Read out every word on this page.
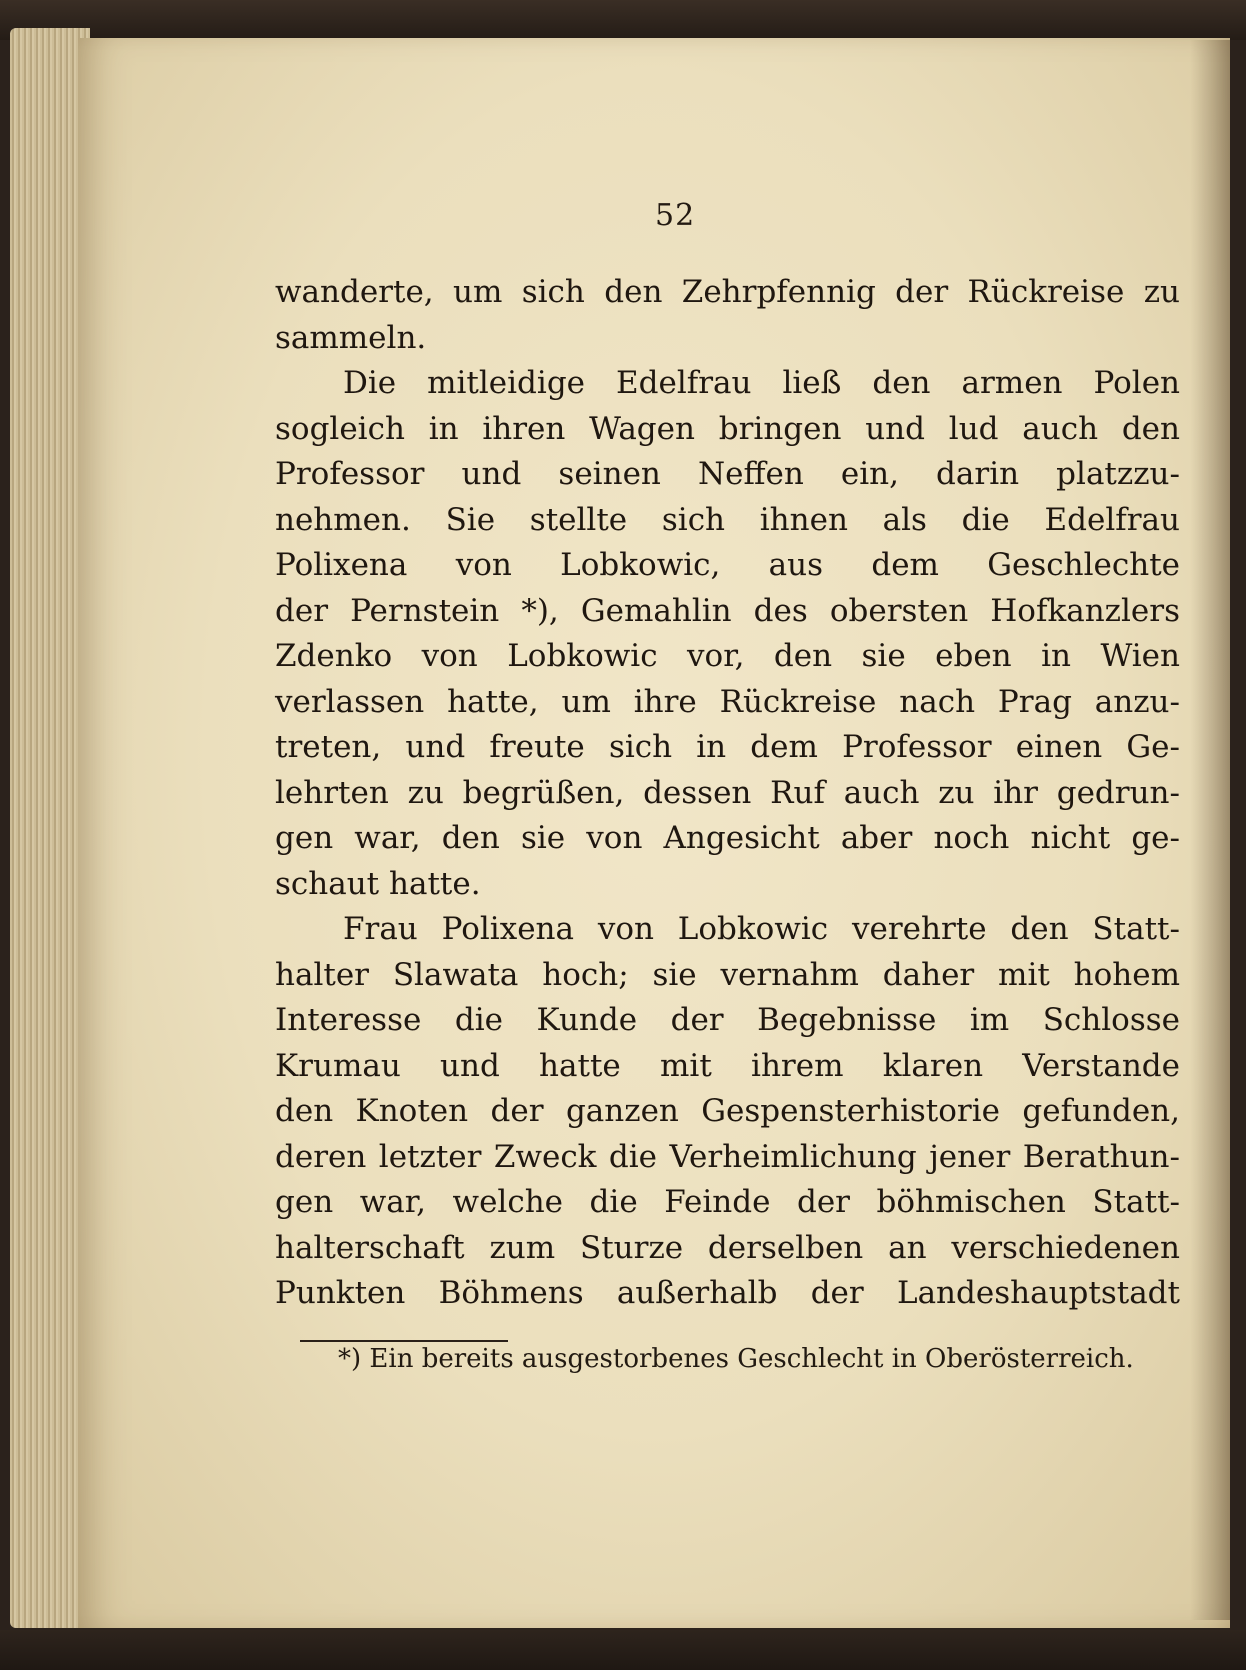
52
wanderte, um sich den Zehrpfennig der Rückreise zu
sammeln.
Die mitleidige Edelfrau ließ den armen Polen
sogleich in ihren Wagen bringen und lud auch den
Professor und seinen Neffen ein, darin platzzu-
nehmen. Sie stellte sich ihnen als die Edelfrau
Polixena von Lobkowic, aus dem Geschlechte
der Pernstein *), Gemahlin des obersten Hofkanzlers
Zdenko von Lobkowic vor, den sie eben in Wien
verlassen hatte, um ihre Rückreise nach Prag anzu-
treten, und freute sich in dem Professor einen Ge-
lehrten zu begrüßen, dessen Ruf auch zu ihr gedrun-
gen war, den sie von Angesicht aber noch nicht ge-
schaut hatte.
Frau Polixena von Lobkowic verehrte den Statt-
halter Slawata hoch; sie vernahm daher mit hohem
Interesse die Kunde der Begebnisse im Schlosse
Krumau und hatte mit ihrem klaren Verstande
den Knoten der ganzen Gespensterhistorie gefunden,
deren letzter Zweck die Verheimlichung jener Berathun-
gen war, welche die Feinde der böhmischen Statt-
halterschaft zum Sturze derselben an verschiedenen
Punkten Böhmens außerhalb der Landeshauptstadt
*) Ein bereits ausgestorbenes Geschlecht in Oberösterreich.
